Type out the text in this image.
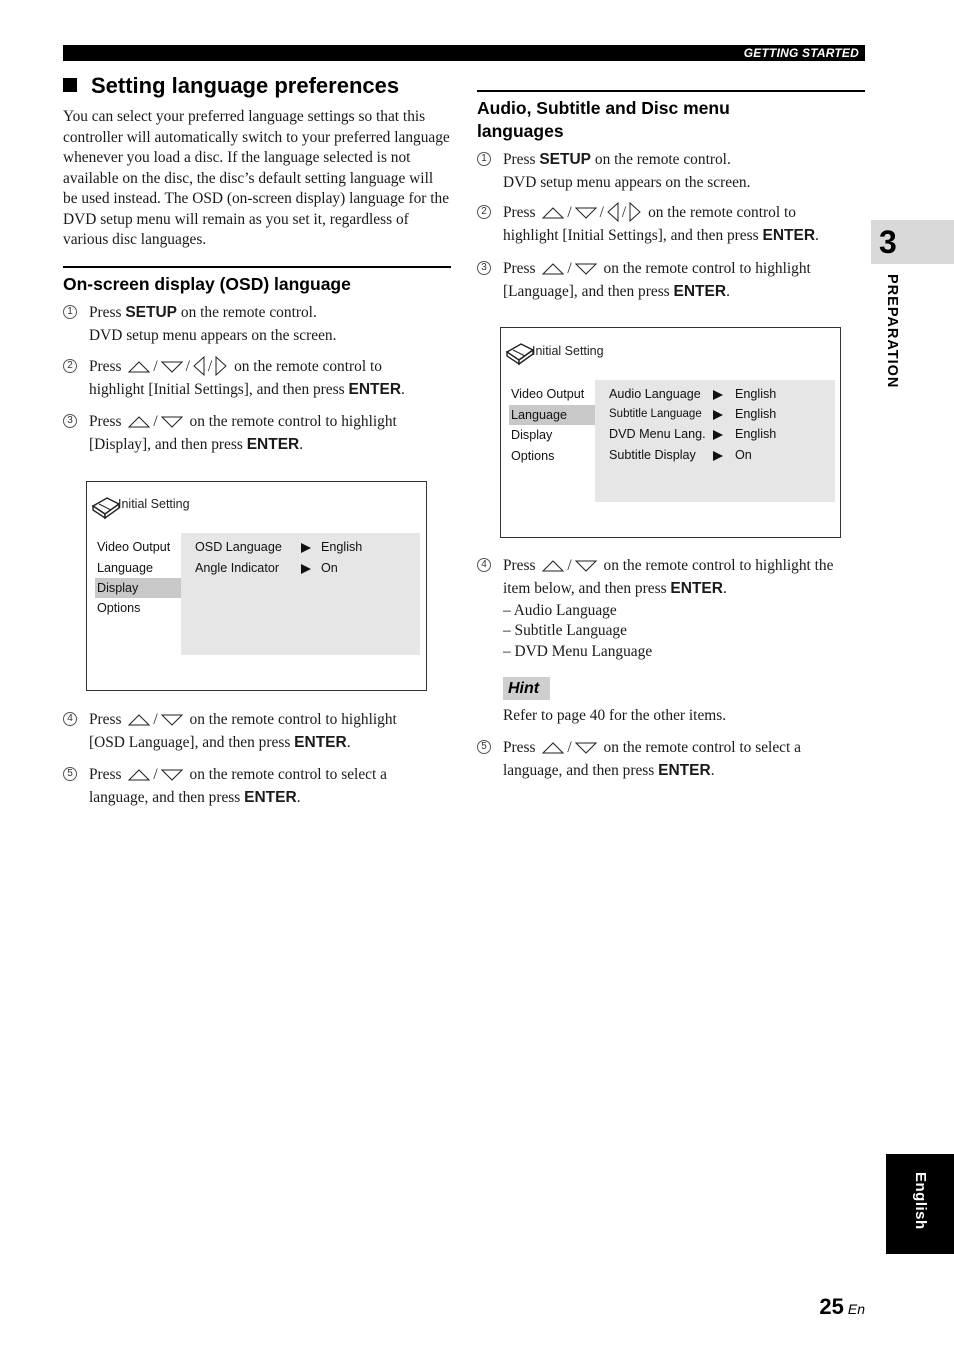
GETTING STARTED
Setting language preferences

You can select your preferred language settings so that this controller will automatically switch to your preferred language whenever you load a disc. If the language selected is not available on the disc, the disc’s default setting language will be used instead. The OSD (on-screen display) language for the DVD setup menu will remain as you set it, regardless of various disc languages.

On-screen display (OSD) language
1 Press SETUP on the remote control.
DVD setup menu appears on the screen.
2 Press / / / on the remote control to
highlight [Initial Settings], and then press ENTER.
3 Press / on the remote control to highlight
[Display], and then press ENTER.
Initial Setting
Video Output
Language
Display
Options
OSD Language	English
Angle Indicator	On
4 Press / on the remote control to highlight
[OSD Language], and then press ENTER.
5 Press / on the remote control to select a
language, and then press ENTER.
Audio, Subtitle and Disc menu
languages
1 Press SETUP on the remote control.
DVD setup menu appears on the screen.
2 Press / / / on the remote control to
highlight [Initial Settings], and then press ENTER.
3 Press / on the remote control to highlight
[Language], and then press ENTER.
Initial Setting
Video Output
Language
Display
Options
Audio Language	English
Subtitle Language	English
DVD Menu Lang. English
Subtitle Display	On
4 Press / on the remote control to highlight the
item below, and then press ENTER.
– Audio Language
– Subtitle Language
– DVD Menu Language
Hint
Refer to page 40 for the other items.
5 Press / on the remote control to select a
language, and then press ENTER.
3
PREPARATION
English
25 En
